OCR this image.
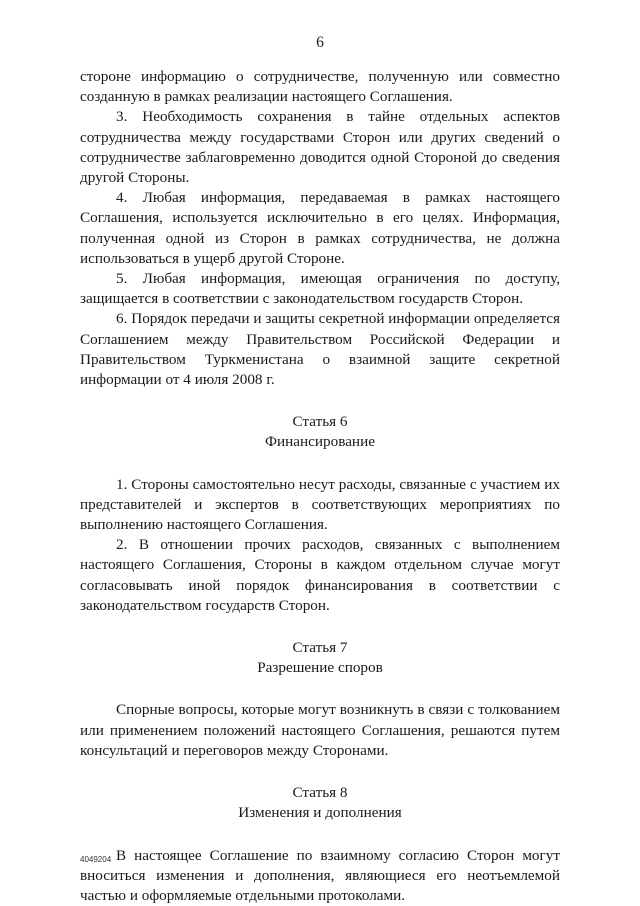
6

стороне информацию о сотрудничестве, полученную или совместно созданную в рамках реализации настоящего Соглашения.

3. Необходимость сохранения в тайне отдельных аспектов сотрудничества между государствами Сторон или других сведений о сотрудничестве заблаговременно доводится одной Стороной до сведения другой Стороны.

4. Любая информация, передаваемая в рамках настоящего Соглашения, используется исключительно в его целях. Информация, полученная одной из Сторон в рамках сотрудничества, не должна использоваться в ущерб другой Стороне.

5. Любая информация, имеющая ограничения по доступу, защищается в соответствии с законодательством государств Сторон.

6. Порядок передачи и защиты секретной информации определяется Соглашением между Правительством Российской Федерации и Правительством Туркменистана о взаимной защите секретной информации от 4 июля 2008 г.

Статья 6

Финансирование

1. Стороны самостоятельно несут расходы, связанные с участием их представителей и экспертов в соответствующих мероприятиях по выполнению настоящего Соглашения.

2. В отношении прочих расходов, связанных с выполнением настоящего Соглашения, Стороны в каждом отдельном случае могут согласовывать иной порядок финансирования в соответствии с законодательством государств Сторон.

Статья 7

Разрешение споров

Спорные вопросы, которые могут возникнуть в связи с толкованием или применением положений настоящего Соглашения, решаются путем консультаций и переговоров между Сторонами.

Статья 8

Изменения и дополнения

В настоящее Соглашение по взаимному согласию Сторон могут вноситься изменения и дополнения, являющиеся его неотъемлемой частью и оформляемые отдельными протоколами.

4049204
